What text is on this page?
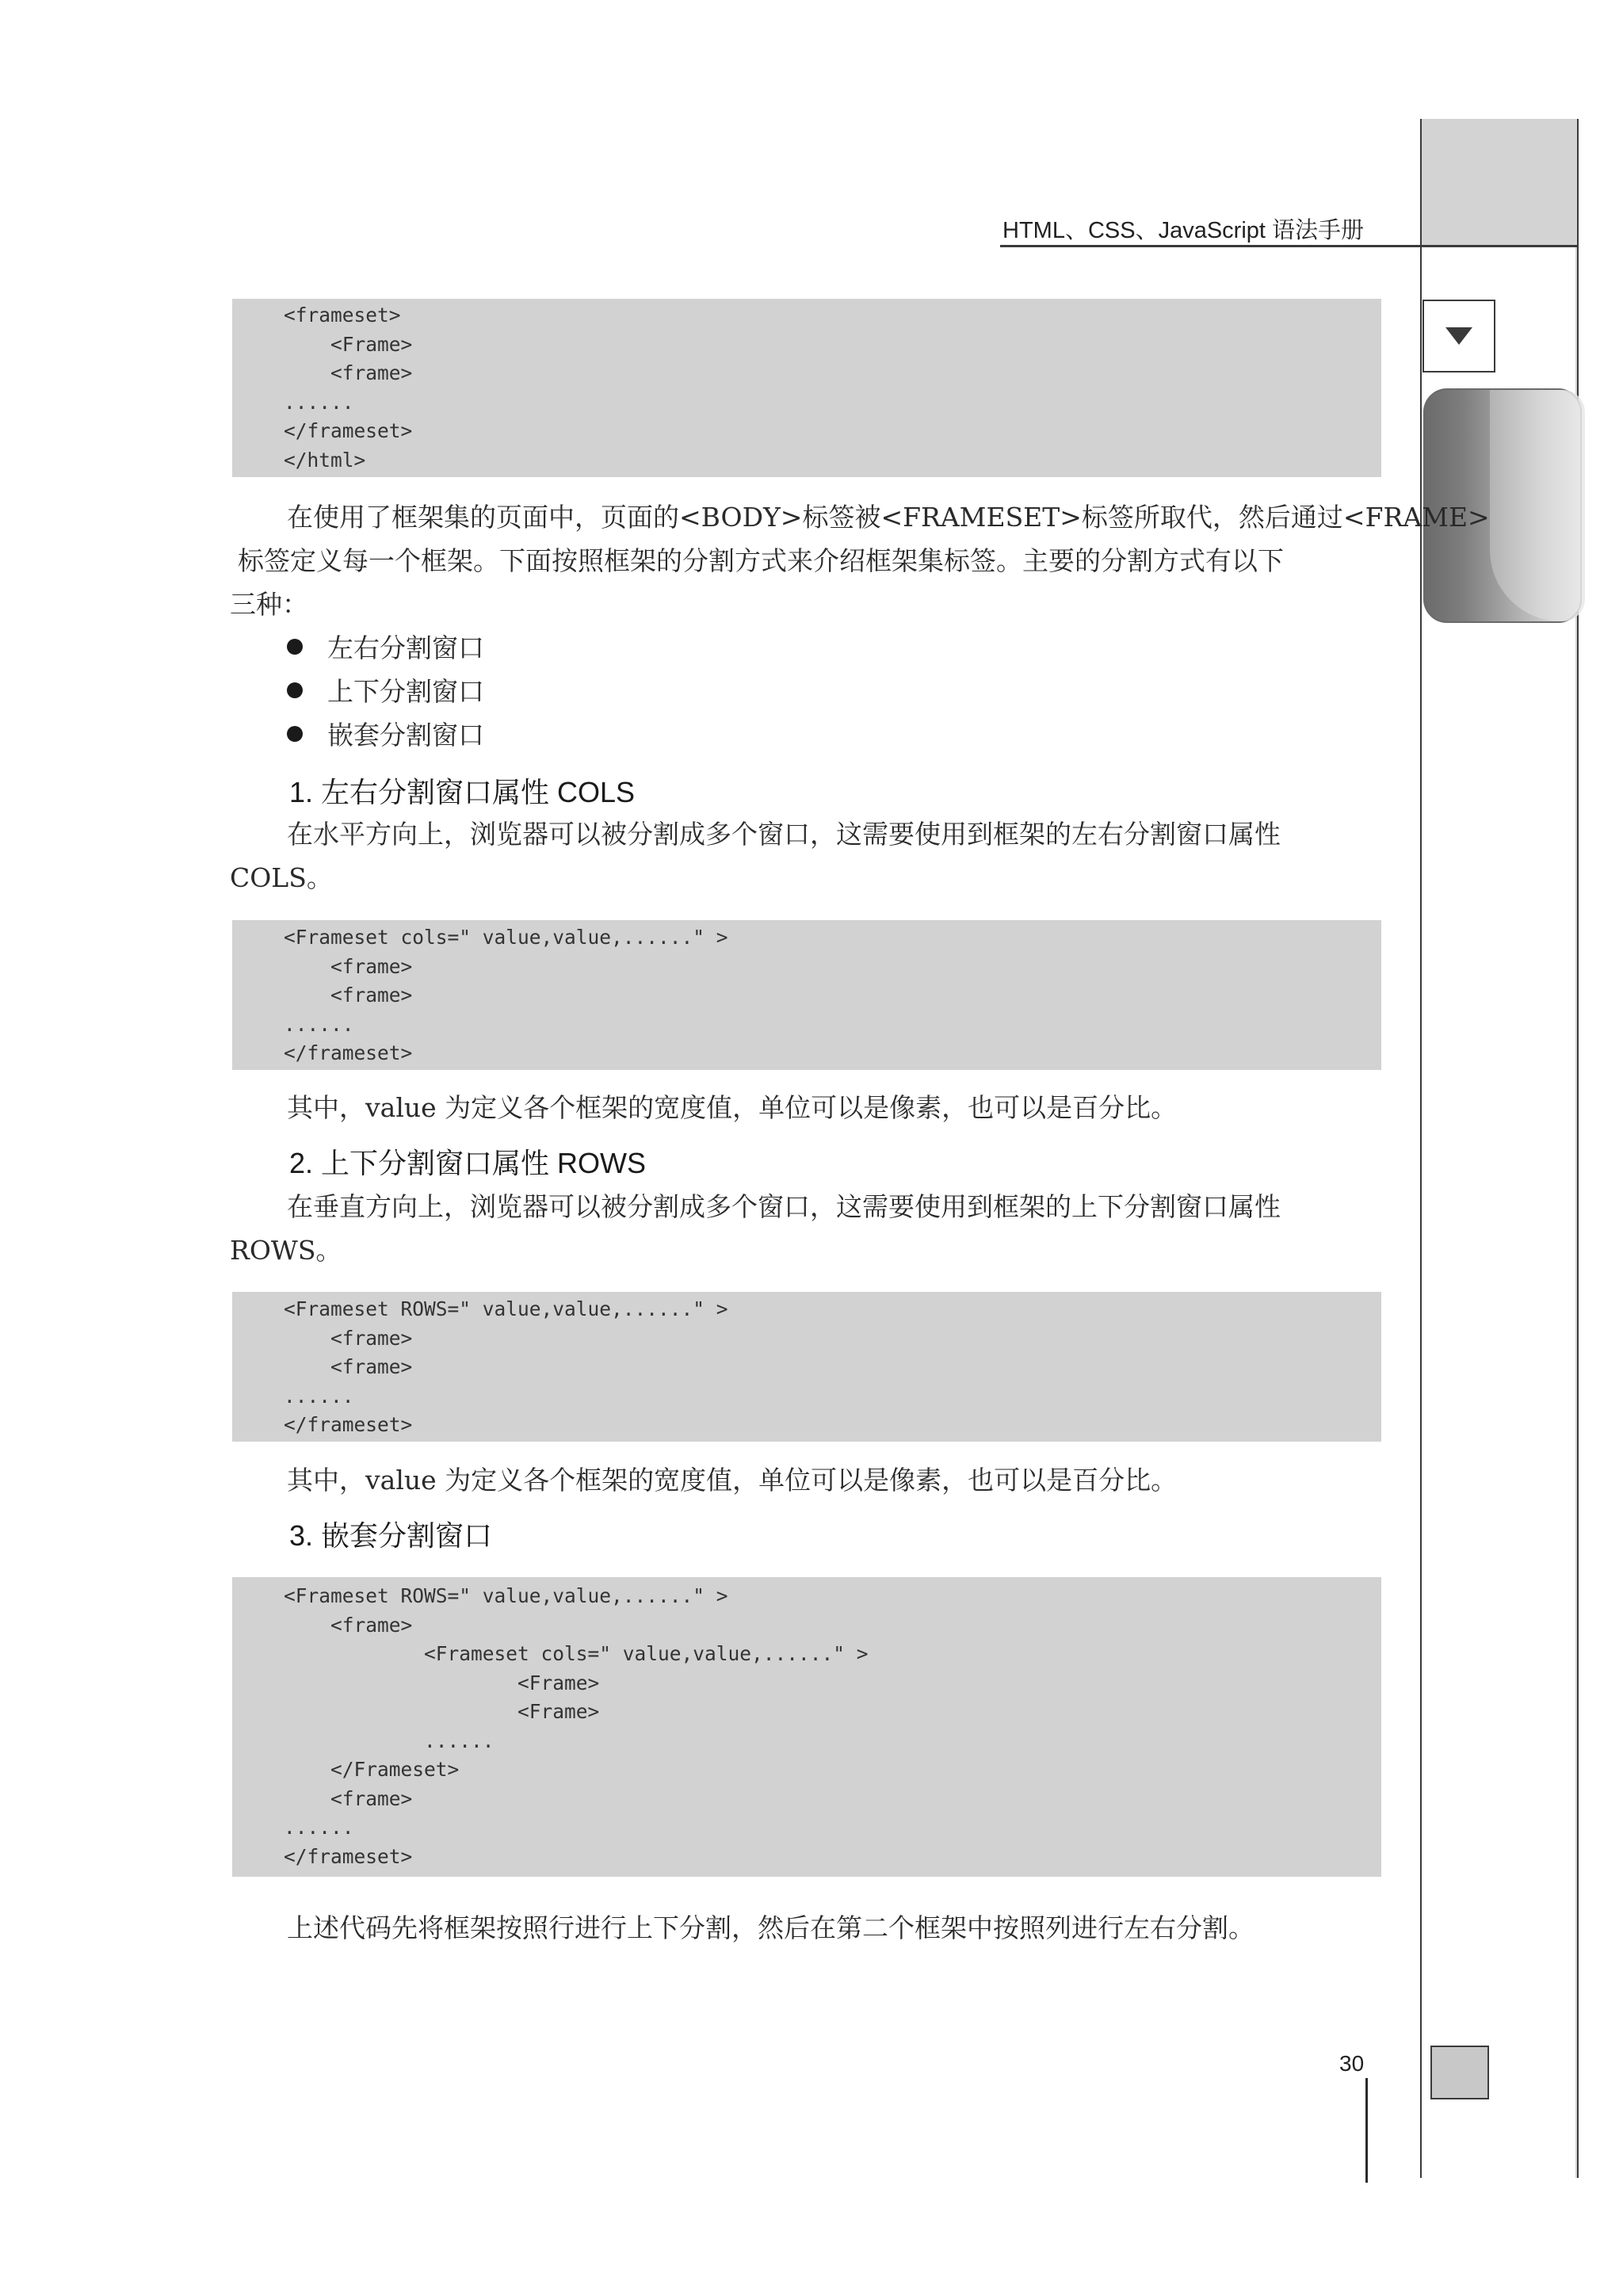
HTML、CSS、JavaScript 语法手册
<frameset>
<Frame>
<frame>
......
</frameset>
</html>
在使用了框架集的页面中，页面的<BODY>标签被<FRAMESET>标签所取代，然后通过<FRAME>
标签定义每一个框架。下面按照框架的分割方式来介绍框架集标签。主要的分割方式有以下
三种：
左右分割窗口
上下分割窗口
嵌套分割窗口
1. 左右分割窗口属性 COLS
在水平方向上，浏览器可以被分割成多个窗口，这需要使用到框架的左右分割窗口属性
COLS。
<Frameset cols=" value,value,......" >
<frame>
<frame>
......
</frameset>
其中，value 为定义各个框架的宽度值，单位可以是像素，也可以是百分比。
2. 上下分割窗口属性 ROWS
在垂直方向上，浏览器可以被分割成多个窗口，这需要使用到框架的上下分割窗口属性
ROWS。
<Frameset ROWS=" value,value,......" >
<frame>
<frame>
......
</frameset>
其中，value 为定义各个框架的宽度值，单位可以是像素，也可以是百分比。
3. 嵌套分割窗口
<Frameset ROWS=" value,value,......" >
<frame>
<Frameset cols=" value,value,......" >
<Frame>
<Frame>
......
</Frameset>
<frame>
......
</frameset>
上述代码先将框架按照行进行上下分割，然后在第二个框架中按照列进行左右分割。
30
